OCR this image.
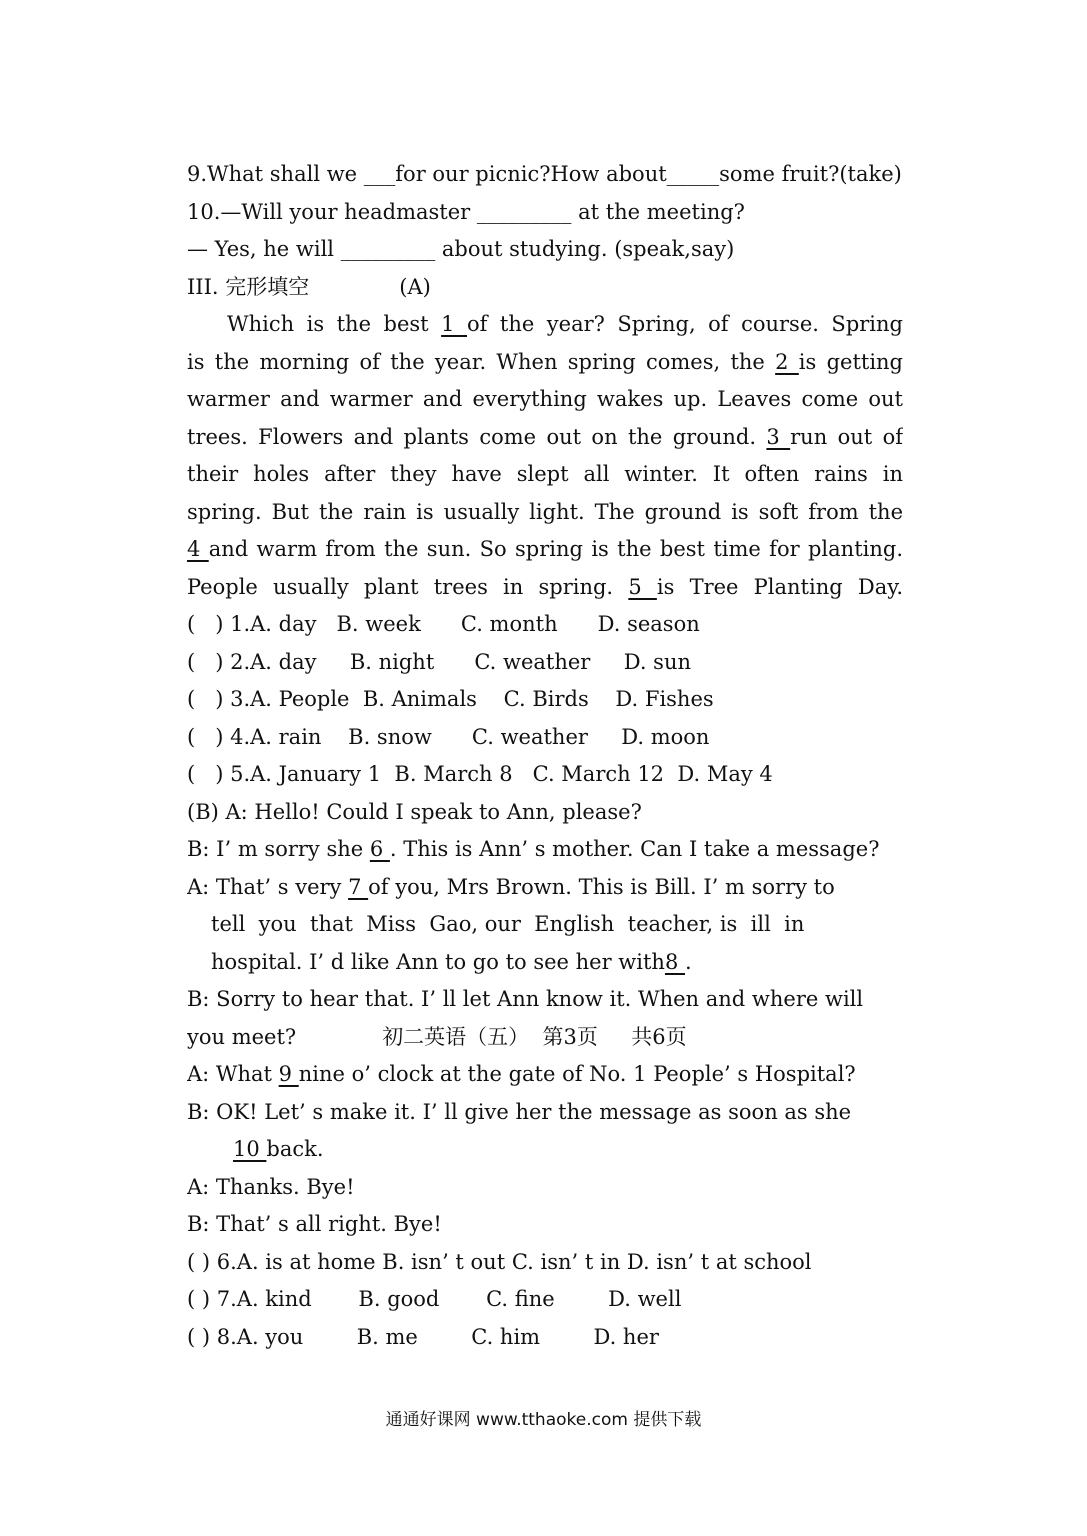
9.What shall we ___for our picnic?How about_____some fruit?(take)
10.—Will your headmaster _________ at the meeting?
— Yes, he will _________ about studying. (speak,say)
III. 完形填空	(A)
Which is the best 1 of the year? Spring, of course. Spring
is the morning of the year. When spring comes, the 2 is getting
warmer and warmer and everything wakes up. Leaves come out
trees. Flowers and plants come out on the ground. 3 run out of
their holes after they have slept all winter. It often rains in
spring. But the rain is usually light. The ground is soft from the
4 and warm from the sun. So spring is the best time for planting.
People usually plant trees in spring. 5 is Tree Planting Day.
(   ) 1.A. day   B. week      C. month      D. season
(   ) 2.A. day     B. night      C. weather     D. sun
(   ) 3.A. People  B. Animals    C. Birds    D. Fishes
(   ) 4.A. rain    B. snow      C. weather     D. moon
(   ) 5.A. January 1  B. March 8   C. March 12  D. May 4
(B) A: Hello! Could I speak to Ann, please?
B: I’ m sorry she 6 . This is Ann’ s mother. Can I take a message?
A: That’ s very 7 of you, Mrs Brown. This is Bill. I’ m sorry to
tell  you  that  Miss  Gao, our  English  teacher, is  ill  in
hospital. I’ d like Ann to go to see her with8 .
B: Sorry to hear that. I’ ll let Ann know it. When and where will
you meet?	初二英语（五）  第3页     共6页
A: What 9 nine o’ clock at the gate of No. 1 People’ s Hospital?
B: OK! Let’ s make it. I’ ll give her the message as soon as she
10 back.
A: Thanks. Bye!
B: That’ s all right. Bye!
( ) 6.A. is at home B. isn’ t out C. isn’ t in D. isn’ t at school
( ) 7.A. kind       B. good       C. fine        D. well
( ) 8.A. you        B. me        C. him        D. her
通通好课网 www.tthaoke.com 提供下载
